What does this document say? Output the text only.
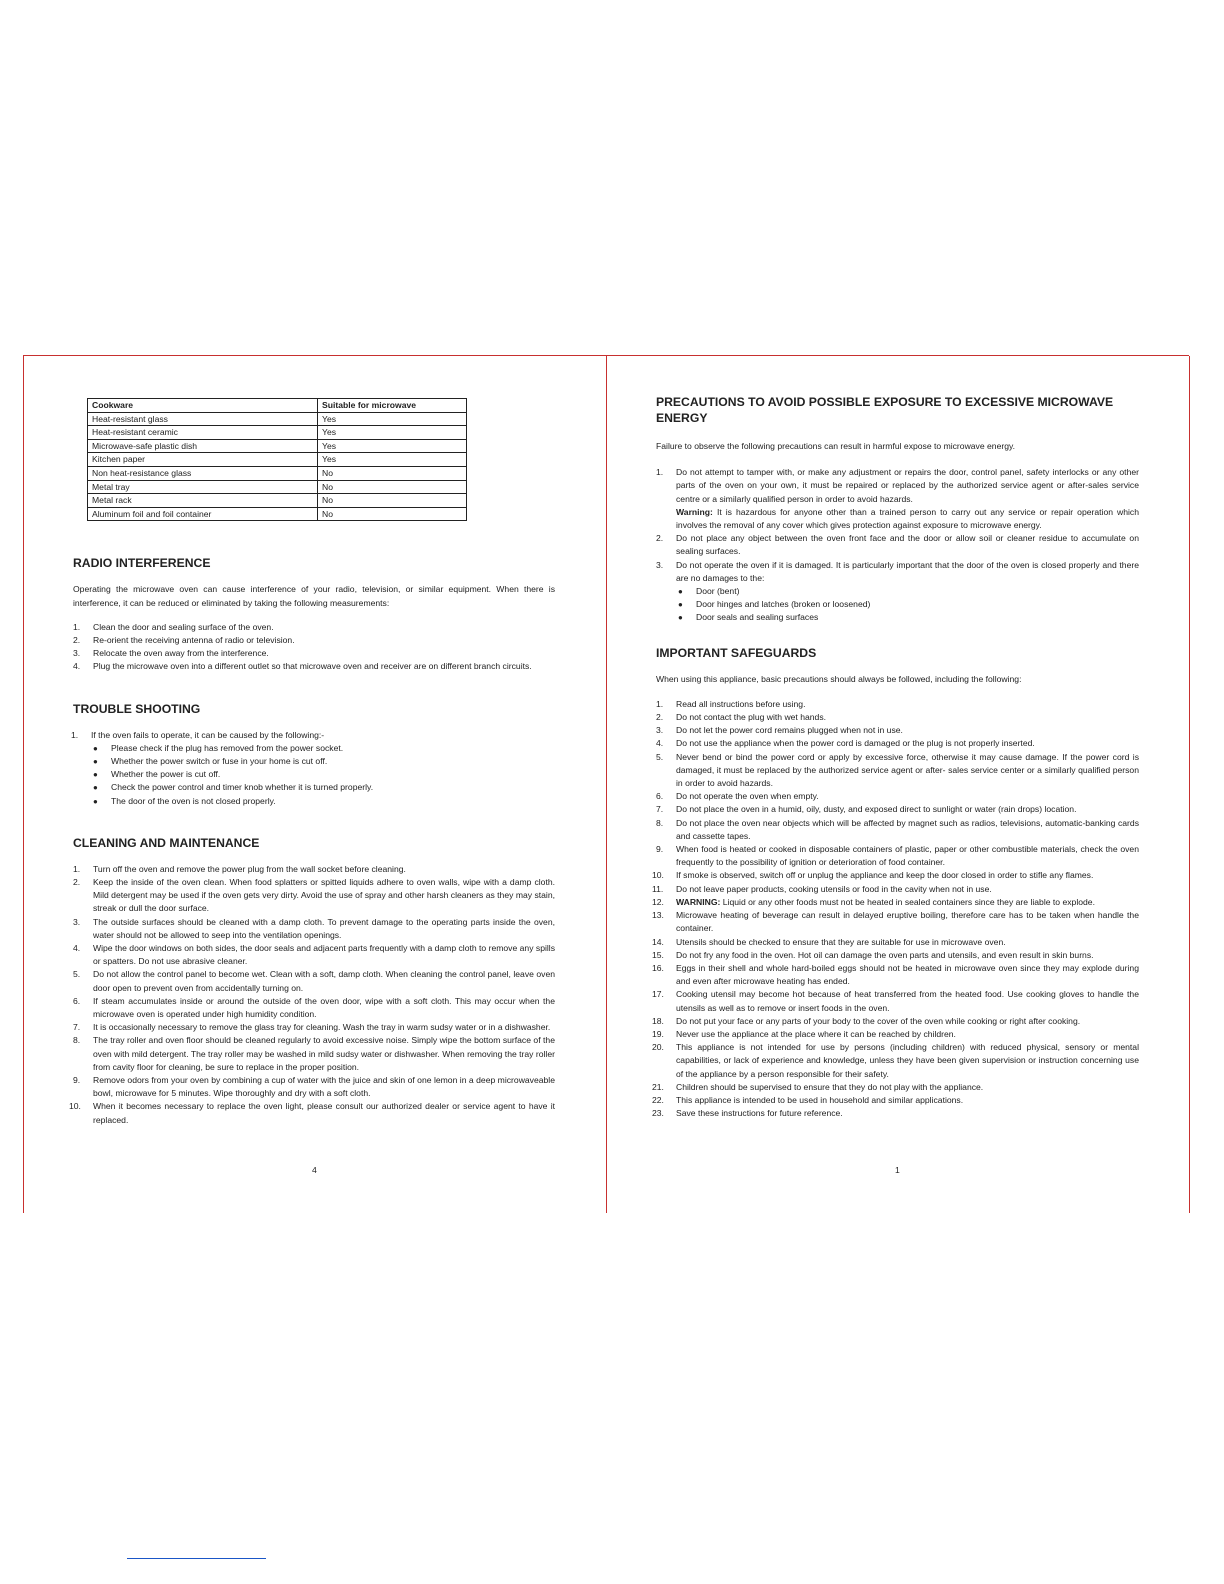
Cookware	Suitable for microwave
Heat-resistant glass	Yes
Heat-resistant ceramic	Yes
Microwave-safe plastic dish	Yes
Kitchen paper	Yes
Non heat-resistance glass	No
Metal tray	No
Metal rack	No
Aluminum foil and foil container	No
RADIO INTERFERENCE

Operating the microwave oven can cause interference of your radio, television, or similar equipment. When there is interference, it can be reduced or eliminated by taking the following measurements:

1. Clean the door and sealing surface of the oven.
2. Re-orient the receiving antenna of radio or television.
3. Relocate the oven away from the interference.
4. Plug the microwave oven into a different outlet so that microwave oven and receiver are on different branch circuits.
TROUBLE SHOOTING
1. If the oven fails to operate, it can be caused by the following:-
● Please check if the plug has removed from the power socket.
● Whether the power switch or fuse in your home is cut off.
● Whether the power is cut off.
● Check the power control and timer knob whether it is turned properly.
● The door of the oven is not closed properly.
CLEANING AND MAINTENANCE
1. Turn off the oven and remove the power plug from the wall socket before cleaning.
2. Keep the inside of the oven clean. When food splatters or spitted liquids adhere to oven walls, wipe with a damp cloth. Mild detergent may be used if the oven gets very dirty. Avoid the use of spray and other harsh cleaners as they may stain, streak or dull the door surface.
3. The outside surfaces should be cleaned with a damp cloth. To prevent damage to the operating parts inside the oven, water should not be allowed to seep into the ventilation openings.
4. Wipe the door windows on both sides, the door seals and adjacent parts frequently with a damp cloth to remove any spills or spatters. Do not use abrasive cleaner.
5. Do not allow the control panel to become wet. Clean with a soft, damp cloth. When cleaning the control panel, leave oven door open to prevent oven from accidentally turning on.
6. If steam accumulates inside or around the outside of the oven door, wipe with a soft cloth. This may occur when the microwave oven is operated under high humidity condition.
7. It is occasionally necessary to remove the glass tray for cleaning. Wash the tray in warm sudsy water or in a dishwasher.
8. The tray roller and oven floor should be cleaned regularly to avoid excessive noise. Simply wipe the bottom surface of the oven with mild detergent. The tray roller may be washed in mild sudsy water or dishwasher. When removing the tray roller from cavity floor for cleaning, be sure to replace in the proper position.
9. Remove odors from your oven by combining a cup of water with the juice and skin of one lemon in a deep microwaveable bowl, microwave for 5 minutes. Wipe thoroughly and dry with a soft cloth.
10. When it becomes necessary to replace the oven light, please consult our authorized dealer or service agent to have it replaced.
4
PRECAUTIONS TO AVOID POSSIBLE EXPOSURE TO EXCESSIVE MICROWAVE ENERGY

Failure to observe the following precautions can result in harmful expose to microwave energy.

1. Do not attempt to tamper with, or make any adjustment or repairs the door, control panel, safety interlocks or any other parts of the oven on your own, it must be repaired or replaced by the authorized service agent or after-sales service centre or a similarly qualified person in order to avoid hazards.
Warning: It is hazardous for anyone other than a trained person to carry out any service or repair operation which involves the removal of any cover which gives protection against exposure to microwave energy.
2. Do not place any object between the oven front face and the door or allow soil or cleaner residue to accumulate on sealing surfaces.
3. Do not operate the oven if it is damaged. It is particularly important that the door of the oven is closed properly and there are no damages to the:
● Door (bent)
● Door hinges and latches (broken or loosened)
● Door seals and sealing surfaces
IMPORTANT SAFEGUARDS

When using this appliance, basic precautions should always be followed, including the following:

1. Read all instructions before using.
2. Do not contact the plug with wet hands.
3. Do not let the power cord remains plugged when not in use.
4. Do not use the appliance when the power cord is damaged or the plug is not properly inserted.
5. Never bend or bind the power cord or apply by excessive force, otherwise it may cause damage. If the power cord is damaged, it must be replaced by the authorized service agent or after- sales service center or a similarly qualified person in order to avoid hazards.
6. Do not operate the oven when empty.
7. Do not place the oven in a humid, oily, dusty, and exposed direct to sunlight or water (rain drops) location.
8. Do not place the oven near objects which will be affected by magnet such as radios, televisions, automatic-banking cards and cassette tapes.
9. When food is heated or cooked in disposable containers of plastic, paper or other combustible materials, check the oven frequently to the possibility of ignition or deterioration of food container.
10. If smoke is observed, switch off or unplug the appliance and keep the door closed in order to stifle any flames.
11. Do not leave paper products, cooking utensils or food in the cavity when not in use.
12. WARNING: Liquid or any other foods must not be heated in sealed containers since they are liable to explode.
13. Microwave heating of beverage can result in delayed eruptive boiling, therefore care has to be taken when handle the container.
14. Utensils should be checked to ensure that they are suitable for use in microwave oven.
15. Do not fry any food in the oven. Hot oil can damage the oven parts and utensils, and even result in skin burns.
16. Eggs in their shell and whole hard-boiled eggs should not be heated in microwave oven since they may explode during and even after microwave heating has ended.
17. Cooking utensil may become hot because of heat transferred from the heated food. Use cooking gloves to handle the utensils as well as to remove or insert foods in the oven.
18. Do not put your face or any parts of your body to the cover of the oven while cooking or right after cooking.
19. Never use the appliance at the place where it can be reached by children.
20. This appliance is not intended for use by persons (including children) with reduced physical, sensory or mental capabilities, or lack of experience and knowledge, unless they have been given supervision or instruction concerning use of the appliance by a person responsible for their safety.
21. Children should be supervised to ensure that they do not play with the appliance.
22. This appliance is intended to be used in household and similar applications.
23. Save these instructions for future reference.
1
